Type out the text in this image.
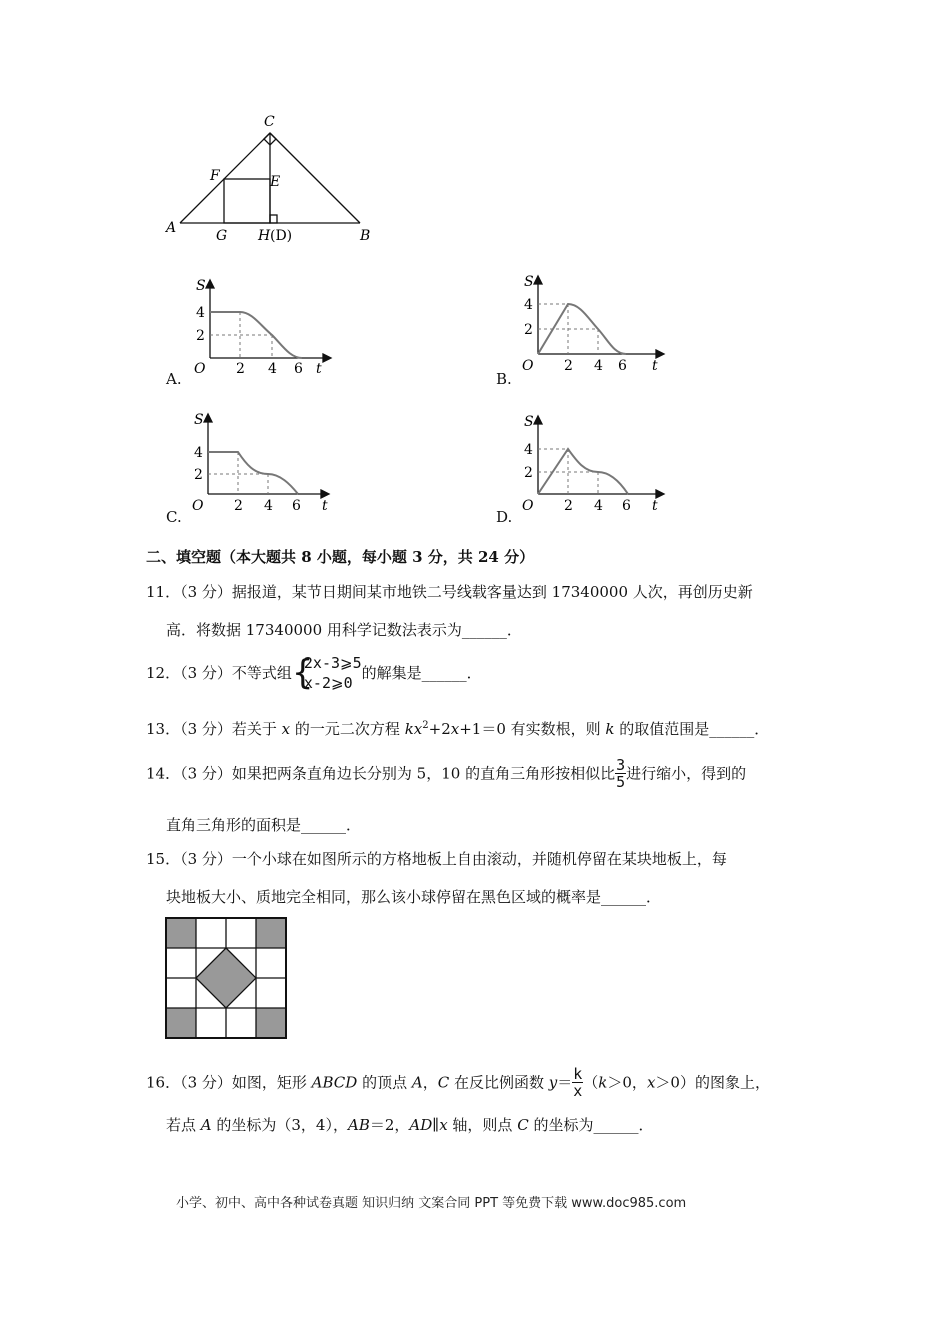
C
F	E
A	G H (D)	B
A.
S
4
2
O 2 4 6 t
B.
S
4
2
O 2 4 6 t
C.
S
4
2
O 2 4 6 t
D.
S
4
2
O 2 4 6 t
二、填空题（本大题共 8 小题，每小题 3 分，共 24 分）
11．（3 分）据报道，某节日期间某市地铁二号线载客量达到 17340000 人次，再创历史新
高．将数据 17340000 用科学记数法表示为______．
12．（3 分）不等式组 {
2x-3⩾5
x-2⩾0
的解集是______．
13．（3 分）若关于 x 的一元二次方程 $kx^2+2x+1=0$ 有实数根，则 k 的取值范围是______．
14．（3 分）如果把两条直角边长分别为 5，10 的直角三角形按相似比 $\frac{3}{5}$ 进行缩小，得到的
直角三角形的面积是______．
15．（3 分）一个小球在如图所示的方格地板上自由滚动，并随机停留在某块地板上，每
块地板大小、质地完全相同，那么该小球停留在黑色区域的概率是______．
16．（3 分）如图，矩形 ABCD 的顶点 A，C 在反比例函数 $y= \frac{k}{x} (k>0$，x＞0）的图象上，
若点 A 的坐标为（3，4），AB＝2，AD∥x 轴，则点 C 的坐标为______．
小学、初中、高中各种试卷真题 知识归纳 文案合同 PPT 等免费下载 www.doc985.com
